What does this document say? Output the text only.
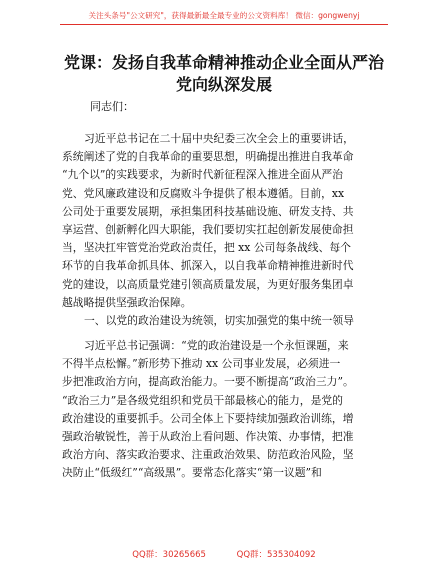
关注头条号"公文研究"，获得最新最全最专业的公文资料库！ 微信：gongwenyj
党课：发扬自我革命精神推动企业全面从严治
党向纵深发展
同志们：
习近平总书记在二十届中央纪委三次全会上的重要讲话，
系统阐述了党的自我革命的重要思想，明确提出推进自我革命
“九个以”的实践要求，为新时代新征程深入推进全面从严治
党、党风廉政建设和反腐败斗争提供了根本遵循。目前，xx
公司处于重要发展期，承担集团科技基础设施、研发支持、共
享运营、创新孵化四大职能，我们要切实扛起创新发展使命担
当，坚决扛牢管党治党政治责任，把 xx 公司每条战线、每个
环节的自我革命抓具体、抓深入，以自我革命精神推进新时代
党的建设，以高质量党建引领高质量发展，为更好服务集团卓
越战略提供坚强政治保障。
一、以党的政治建设为统领，切实加强党的集中统一领导
习近平总书记强调：“党的政治建设是一个永恒课题，来
不得半点松懈。”新形势下推动 xx 公司事业发展，必须进一
步把准政治方向，提高政治能力。一要不断提高“政治三力”。
“政治三力”是各级党组织和党员干部最核心的能力，是党的
政治建设的重要抓手。公司全体上下要持续加强政治训练，增
强政治敏锐性，善于从政治上看问题、作决策、办事情，把准
政治方向、落实政治要求、注重政治效果、防范政治风险，坚
决防止“低级红”“高级黑”。要常态化落实“第一议题”和
QQ群：30265665	QQ群：535304092
